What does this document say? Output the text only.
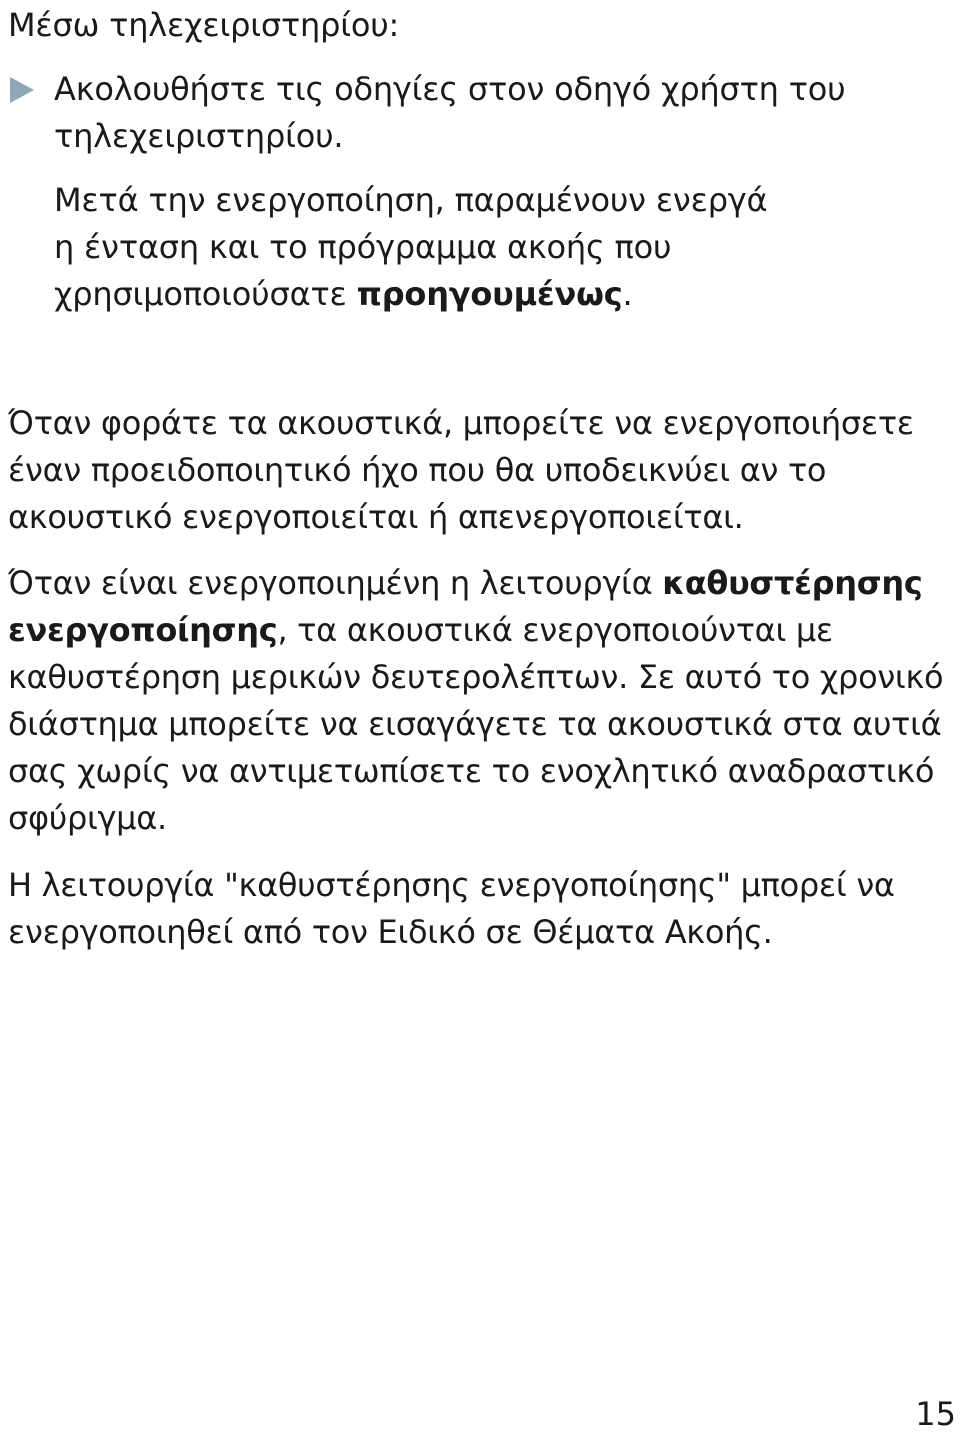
Μέσω τηλεχειριστηρίου:

Ακολουθήστε τις οδηγίες στον οδηγό χρήστη του τηλεχειριστηρίου.

Μετά την ενεργοποίηση, παραμένουν ενεργά

η ένταση και το πρόγραμμα ακοής που

χρησιμοποιούσατε προηγουμένως.

Όταν φοράτε τα ακουστικά, μπορείτε να ενεργοποιήσετε

έναν προειδοποιητικό ήχο που θα υποδεικνύει αν το

ακουστικό ενεργοποιείται ή απενεργοποιείται.

Όταν είναι ενεργοποιημένη η λειτουργία καθυστέρησης ενεργοποίησης, τα ακουστικά ενεργοποιούνται με καθυστέρηση μερικών δευτερολέπτων. Σε αυτό το χρονικό διάστημα μπορείτε να εισαγάγετε τα ακουστικά στα αυτιά σας χωρίς να αντιμετωπίσετε το ενοχλητικό αναδραστικό σφύριγμα.

Η λειτουργία "καθυστέρησης ενεργοποίησης" μπορεί να ενεργοποιηθεί από τον Ειδικό σε Θέματα Ακοής.

15
